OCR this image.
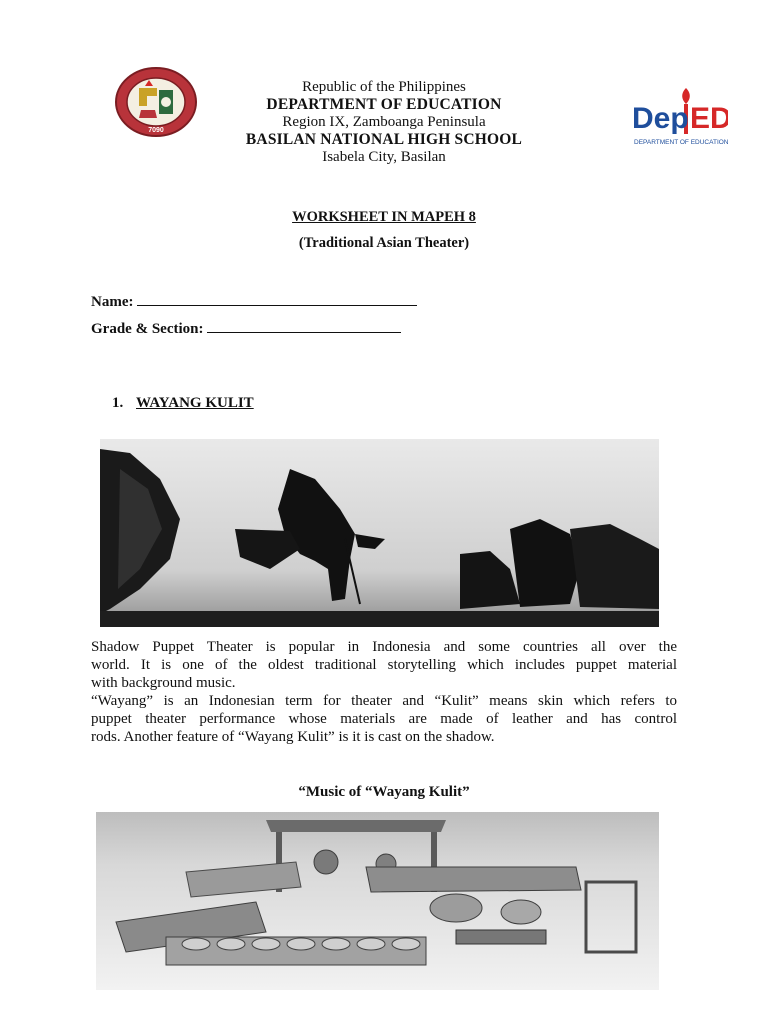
7090
Republic of the Philippines
DEPARTMENT OF EDUCATION
Region IX, Zamboanga Peninsula
BASILAN NATIONAL HIGH SCHOOL
Isabela City, Basilan
Dep ED
DEPARTMENT OF EDUCATION
WORKSHEET IN MAPEH 8
(Traditional Asian Theater)
Name:
Grade & Section:
1. WAYANG KULIT
Shadow Puppet Theater is popular in Indonesia and some countries all over the
world. It is one of the oldest traditional storytelling which includes puppet material
with background music.
“Wayang” is an Indonesian term for theater and “Kulit” means skin which refers to
puppet theater performance whose materials are made of leather and has control
rods. Another feature of “Wayang Kulit” is it is cast on the shadow.
“Music of “Wayang Kulit”
